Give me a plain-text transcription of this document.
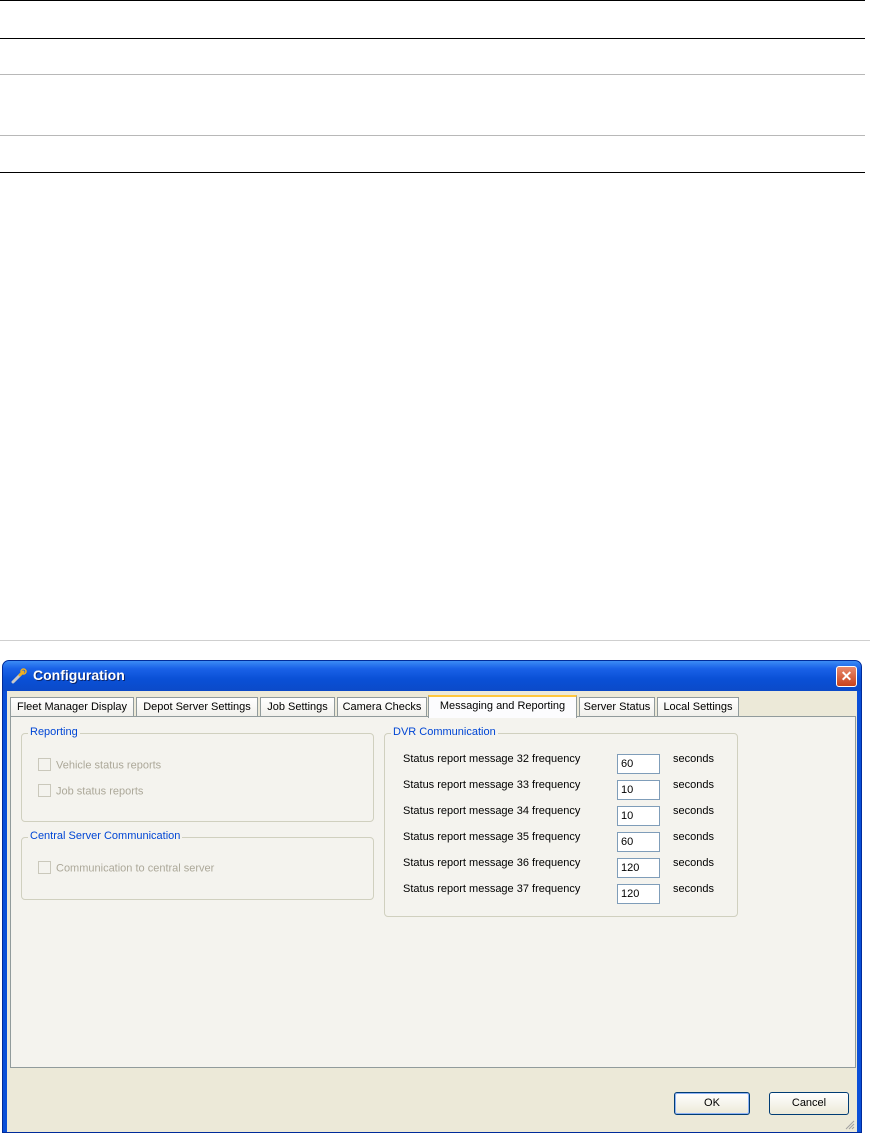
Configuration	✕
Fleet Manager Display	Depot Server Settings	Job Settings	Camera Checks	Messaging and Reporting	Server Status	Local Settings
Reporting
Vehicle status reports
Job status reports
Central Server Communication
Communication to central server
DVR Communication
Status report message 32 frequency	60	seconds
Status report message 33 frequency	10	seconds
Status report message 34 frequency	10	seconds
Status report message 35 frequency	60	seconds
Status report message 36 frequency	120	seconds
Status report message 37 frequency	120	seconds
OK	Cancel
